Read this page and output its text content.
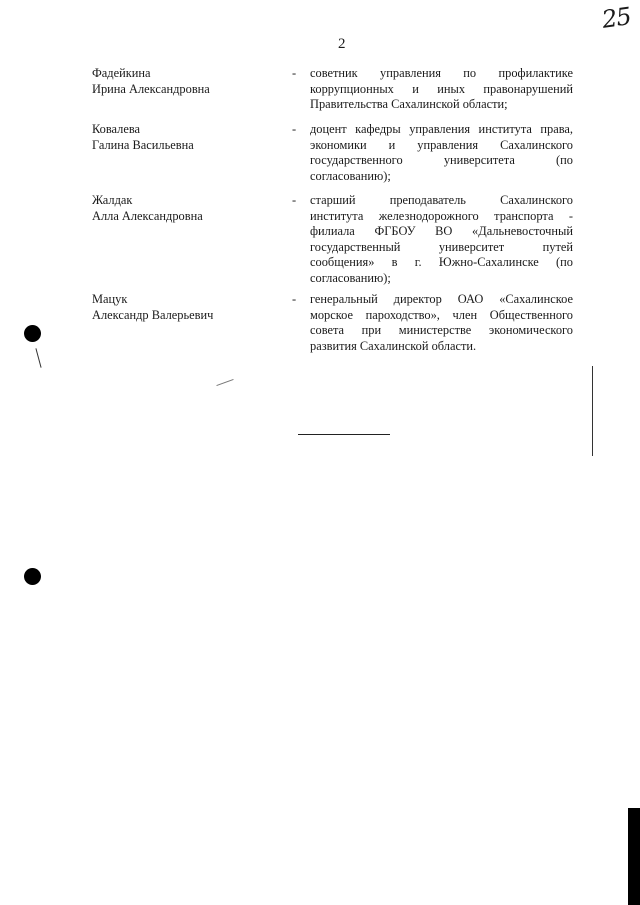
25
2
Фадейкина
Ирина Александровна
- советник управления по профилактике
коррупционных и иных правонарушений
Правительства Сахалинской области;
Ковалева
Галина Васильевна
- доцент кафедры управления института права,
экономики и управления Сахалинского
государственного университета (по
согласованию);
Жалдак
Алла Александровна
- старший преподаватель Сахалинского
института железнодорожного транспорта -
филиала ФГБОУ ВО «Дальневосточный
государственный университет путей
сообщения» в г. Южно-Сахалинске (по
согласованию);
Мацук
Александр Валерьевич
- генеральный директор ОАО «Сахалинское
морское пароходство», член Общественного
совета при министерстве экономического
развития Сахалинской области.
